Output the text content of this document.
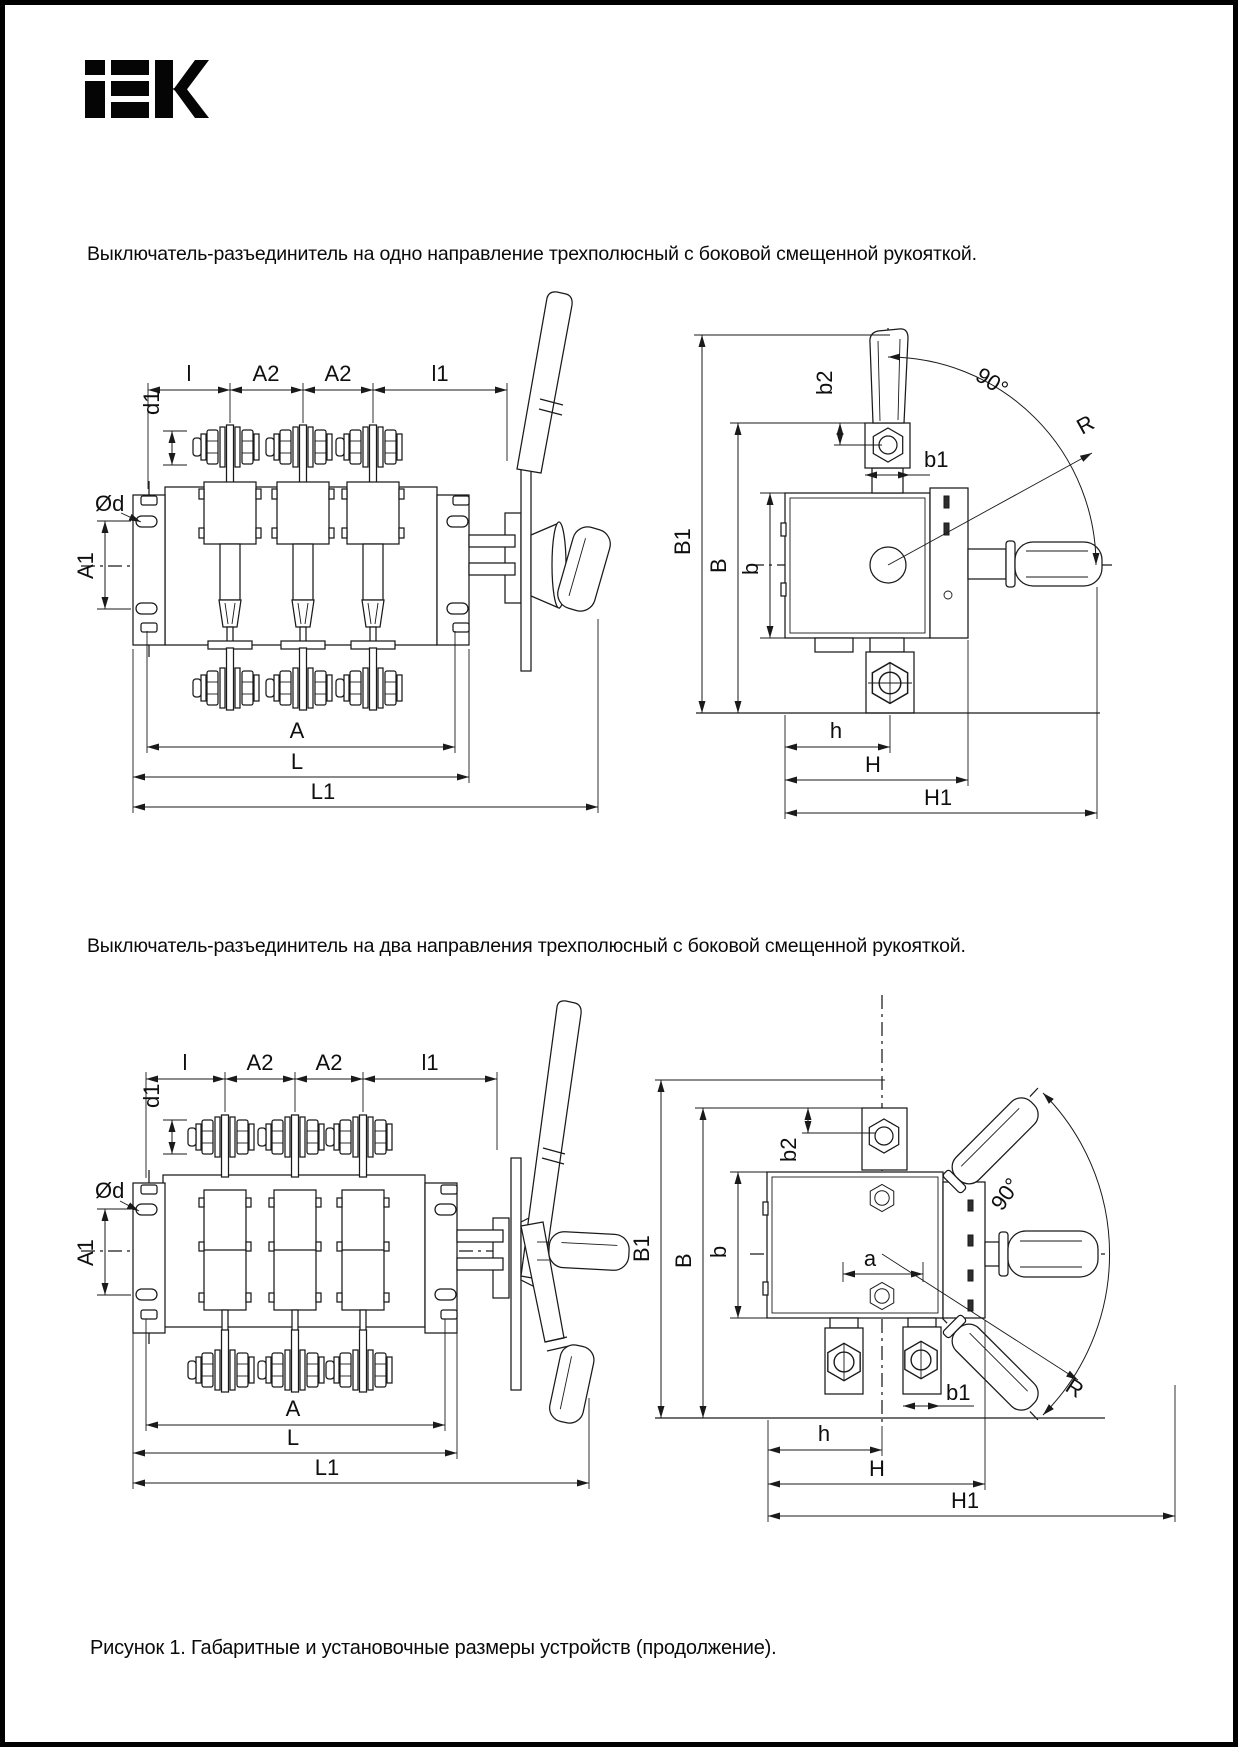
Выключатель-разъединитель на одно направление трехполюсный с боковой смещенной рукояткой.
l	A2 A2	l1
d1
Ød
A1
A
L
L1
90°
R
B1
B b
b2
b1
h
H
H1
Выключатель-разъединитель на два направления трехполюсный с боковой смещенной рукояткой.
l	A2 A2	l1
d1
Ød
A1
A
L
L1
90°
R
B1 B
b
b2
a
b1
h
H
H1
Рисунок 1. Габаритные и установочные размеры устройств (продолжение).
